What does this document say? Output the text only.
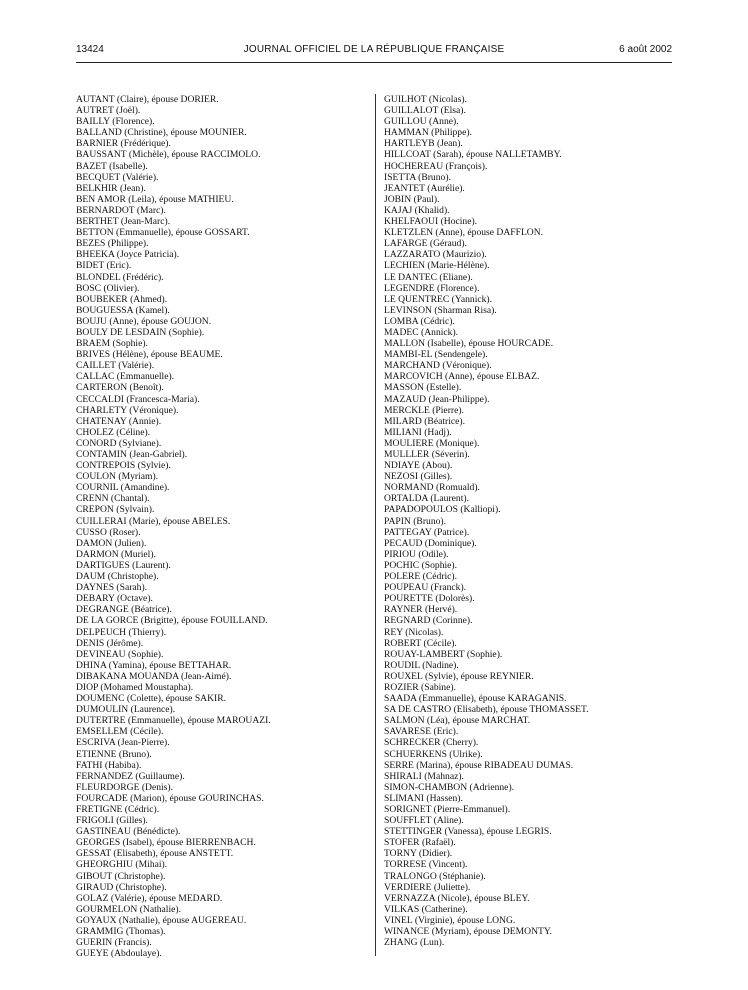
13424	JOURNAL OFFICIEL DE LA RÉPUBLIQUE FRANÇAISE	6 août 2002
AUTANT (Claire), épouse DORIER.
AUTRET (Joël).
BAILLY (Florence).
BALLAND (Christine), épouse MOUNIER.
BARNIER (Frédérique).
BAUSSANT (Michèle), épouse RACCIMOLO.
BAZET (Isabelle).
BECQUET (Valérie).
BELKHIR (Jean).
BEN AMOR (Leila), épouse MATHIEU.
BERNARDOT (Marc).
BERTHET (Jean-Marc).
BETTON (Emmanuelle), épouse GOSSART.
BEZES (Philippe).
BHEEKA (Joyce Patricia).
BIDET (Eric).
BLONDEL (Frédéric).
BOSC (Olivier).
BOUBEKER (Ahmed).
BOUGUESSA (Kamel).
BOUJU (Anne), épouse GOUJON.
BOULY DE LESDAIN (Sophie).
BRAEM (Sophie).
BRIVES (Hélène), épouse BEAUME.
CAILLET (Valérie).
CALLAC (Emmanuelle).
CARTERON (Benoît).
CECCALDI (Francesca-Maria).
CHARLETY (Véronique).
CHATENAY (Annie).
CHOLEZ (Céline).
CONORD (Sylviane).
CONTAMIN (Jean-Gabriel).
CONTREPOIS (Sylvie).
COULON (Myriam).
COURNIL (Amandine).
CRENN (Chantal).
CREPON (Sylvain).
CUILLERAI (Marie), épouse ABELES.
CUSSO (Roser).
DAMON (Julien).
DARMON (Muriel).
DARTIGUES (Laurent).
DAUM (Christophe).
DAYNES (Sarah).
DEBARY (Octave).
DEGRANGE (Béatrice).
DE LA GORCE (Brigitte), épouse FOUILLAND.
DELPEUCH (Thierry).
DENIS (Jérôme).
DEVINEAU (Sophie).
DHINA (Yamina), épouse BETTAHAR.
DIBAKANA MOUANDA (Jean-Aimé).
DIOP (Mohamed Moustapha).
DOUMENC (Colette), épouse SAKIR.
DUMOULIN (Laurence).
DUTERTRE (Emmanuelle), épouse MAROUAZI.
EMSELLEM (Cécile).
ESCRIVA (Jean-Pierre).
ETIENNE (Bruno).
FATHI (Habiba).
FERNANDEZ (Guillaume).
FLEURDORGE (Denis).
FOURCADE (Marion), épouse GOURINCHAS.
FRETIGNE (Cédric).
FRIGOLI (Gilles).
GASTINEAU (Bénédicte).
GEORGES (Isabel), épouse BIERRENBACH.
GESSAT (Elisabeth), épouse ANSTETT.
GHEORGHIU (Mihai).
GIBOUT (Christophe).
GIRAUD (Christophe).
GOLAZ (Valérie), épouse MEDARD.
GOURMELON (Nathalie).
GOYAUX (Nathalie), épouse AUGEREAU.
GRAMMIG (Thomas).
GUERIN (Francis).
GUEYE (Abdoulaye).
GUILHOT (Nicolas).
GUILLALOT (Elsa).
GUILLOU (Anne).
HAMMAN (Philippe).
HARTLEYB (Jean).
HILLCOAT (Sarah), épouse NALLETAMBY.
HOCHEREAU (François).
ISETTA (Bruno).
JEANTET (Aurélie).
JOBIN (Paul).
KAJAJ (Khalid).
KHELFAOUI (Hocine).
KLETZLEN (Anne), épouse DAFFLON.
LAFARGE (Géraud).
LAZZARATO (Maurizio).
LECHIEN (Marie-Hélène).
LE DANTEC (Eliane).
LEGENDRE (Florence).
LE QUENTREC (Yannick).
LEVINSON (Sharman Risa).
LOMBA (Cédric).
MADEC (Annick).
MALLON (Isabelle), épouse HOURCADE.
MAMBI-EL (Sendengele).
MARCHAND (Véronique).
MARCOVICH (Anne), épouse ELBAZ.
MASSON (Estelle).
MAZAUD (Jean-Philippe).
MERCKLE (Pierre).
MILARD (Béatrice).
MILIANI (Hadj).
MOULIERE (Monique).
MULLLER (Séverin).
NDIAYE (Abou).
NEZOSI (Gilles).
NORMAND (Romuald).
ORTALDA (Laurent).
PAPADOPOULOS (Kalliopi).
PAPIN (Bruno).
PATTEGAY (Patrice).
PECAUD (Dominique).
PIRIOU (Odile).
POCHIC (Sophie).
POLERE (Cédric).
POUPEAU (Franck).
POURETTE (Dolorès).
RAYNER (Hervé).
REGNARD (Corinne).
REY (Nicolas).
ROBERT (Cécile).
ROUAY-LAMBERT (Sophie).
ROUDIL (Nadine).
ROUXEL (Sylvie), épouse REYNIER.
ROZIER (Sabine).
SAADA (Emmanuelle), épouse KARAGANIS.
SA DE CASTRO (Elisabeth), épouse THOMASSET.
SALMON (Léa), épouse MARCHAT.
SAVARESE (Eric).
SCHRECKER (Cherry).
SCHUERKENS (Ulrike).
SERRE (Marina), épouse RIBADEAU DUMAS.
SHIRALI (Mahnaz).
SIMON-CHAMBON (Adrienne).
SLIMANI (Hassen).
SORIGNET (Pierre-Emmanuel).
SOUFFLET (Aline).
STETTINGER (Vanessa), épouse LEGRIS.
STOFER (Rafaël).
TORNY (Didier).
TORRESE (Vincent).
TRALONGO (Stéphanie).
VERDIERE (Juliette).
VERNAZZA (Nicole), épouse BLEY.
VILKAS (Catherine).
VINEL (Virginie), épouse LONG.
WINANCE (Myriam), épouse DEMONTY.
ZHANG (Lun).
